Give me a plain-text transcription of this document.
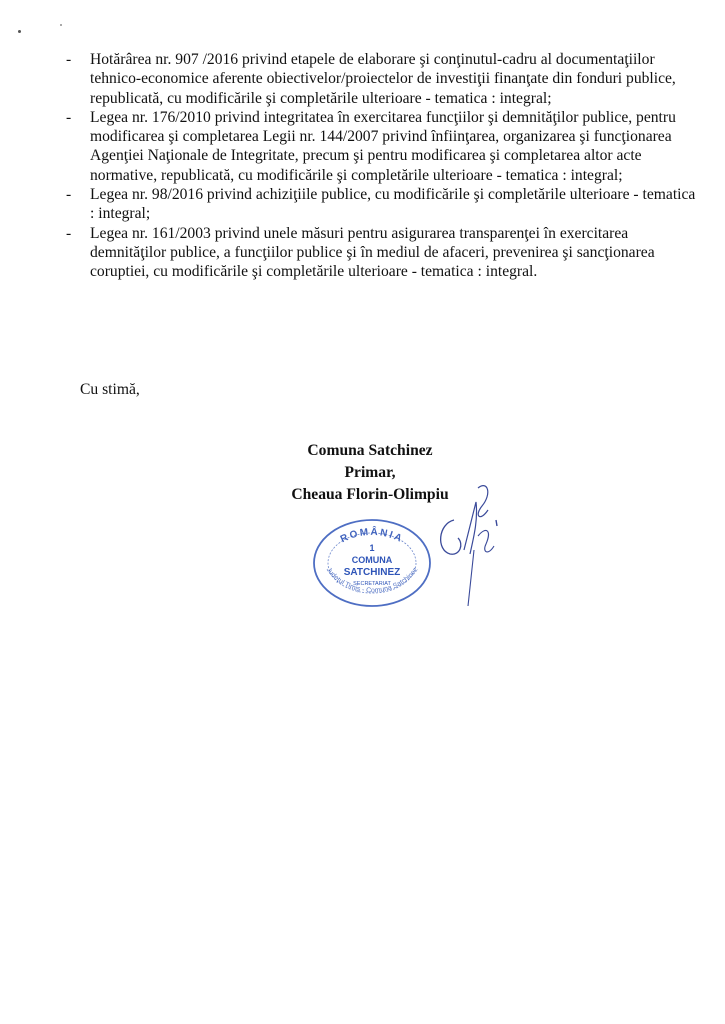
-	Hotărârea nr. 907 /2016 privind etapele de elaborare şi conţinutul-cadru al documentaţiilor tehnico-economice aferente obiectivelor/proiectelor de investiţii finanţate din fonduri publice, republicată, cu modificările şi completările ulterioare - tematica : integral;
-	Legea nr. 176/2010 privind integritatea în exercitarea funcţiilor şi demnităţilor publice, pentru modificarea şi completarea Legii nr. 144/2007 privind înfiinţarea, organizarea şi funcţionarea Agenţiei Naţionale de Integritate, precum şi pentru modificarea şi completarea altor acte normative, republicată, cu modificările şi completările ulterioare - tematica : integral;
-	Legea nr. 98/2016 privind achiziţiile publice, cu modificările şi completările ulterioare - tematica : integral;
-	Legea nr. 161/2003 privind unele măsuri pentru asigurarea transparenţei în exercitarea demnităţilor publice, a funcţiilor publice şi în mediul de afaceri, prevenirea şi sancţionarea coruptiei, cu modificările şi completările ulterioare - tematica : integral.

Cu stimă,

Comuna Satchinez
Primar,
Cheaua Florin-Olimpiu
ROMÂNIA
Judeţul Timiş - Comuna Satchinez
1
COMUNA
SATCHINEZ
SECRETARIAT
